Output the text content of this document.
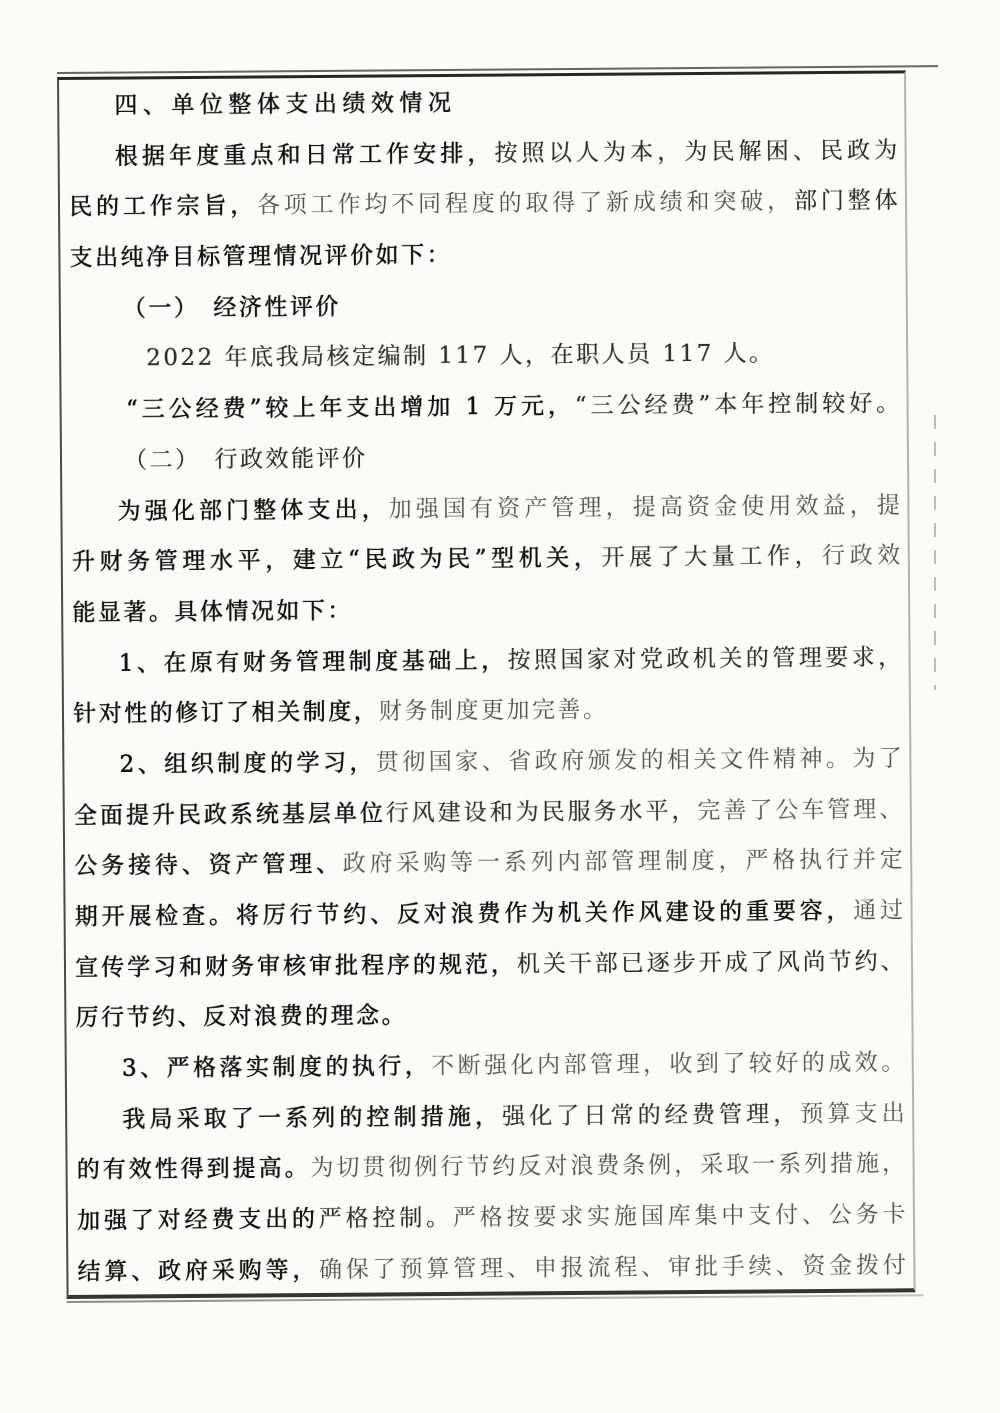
四、单位整体支出绩效情况
根据年度重点和日常工作安排，按照以人为本，为民解困、民政为
民的工作宗旨，各项工作均不同程度的取得了新成绩和突破，部门整体
支出纯净目标管理情况评价如下：
（一）　经济性评价
2022 年底我局核定编制 117 人，在职人员 117 人。
“三公经费”较上年支出增加 1 万元，“三公经费”本年控制较好。
（二）　行政效能评价
为强化部门整体支出，加强国有资产管理，提高资金使用效益，提
升财务管理水平，建立“民政为民”型机关，开展了大量工作，行政效
能显著。具体情况如下：
1、在原有财务管理制度基础上，按照国家对党政机关的管理要求，
针对性的修订了相关制度，财务制度更加完善。
2、组织制度的学习，贯彻国家、省政府颁发的相关文件精神。为了
全面提升民政系统基层单位行风建设和为民服务水平，完善了公车管理、
公务接待、资产管理、政府采购等一系列内部管理制度，严格执行并定
期开展检查。将厉行节约、反对浪费作为机关作风建设的重要容，通过
宣传学习和财务审核审批程序的规范，机关干部已逐步开成了风尚节约、
厉行节约、反对浪费的理念。
3、严格落实制度的执行，不断强化内部管理，收到了较好的成效。
我局采取了一系列的控制措施，强化了日常的经费管理，预算支出
的有效性得到提高。为切贯彻例行节约反对浪费条例，采取一系列措施，
加强了对经费支出的严格控制。严格按要求实施国库集中支付、公务卡
结算、政府采购等，确保了预算管理、申报流程、审批手续、资金拨付
